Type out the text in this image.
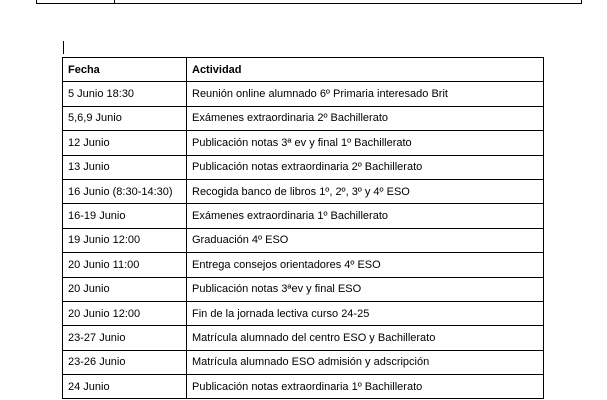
Fecha	Actividad
5 Junio 18:30	Reunión online alumnado 6º Primaria interesado Brit
5,6,9 Junio	Exámenes extraordinaria 2º Bachillerato
12 Junio	Publicación notas 3ª ev y final 1º Bachillerato
13 Junio	Publicación notas extraordinaria 2º Bachillerato
16 Junio (8:30-14:30)	Recogida banco de libros 1º, 2º, 3º y 4º ESO
16-19 Junio	Exámenes extraordinaria 1º Bachillerato
19 Junio 12:00	Graduación 4º ESO
20 Junio 11:00	Entrega consejos orientadores 4º ESO
20 Junio	Publicación notas 3ªev y final ESO
20 Junio 12:00	Fin de la jornada lectiva curso 24-25
23-27 Junio	Matrícula alumnado del centro ESO y Bachillerato
23-26 Junio	Matrícula alumnado ESO admisión y adscripción
24 Junio	Publicación notas extraordinaria 1º Bachillerato
